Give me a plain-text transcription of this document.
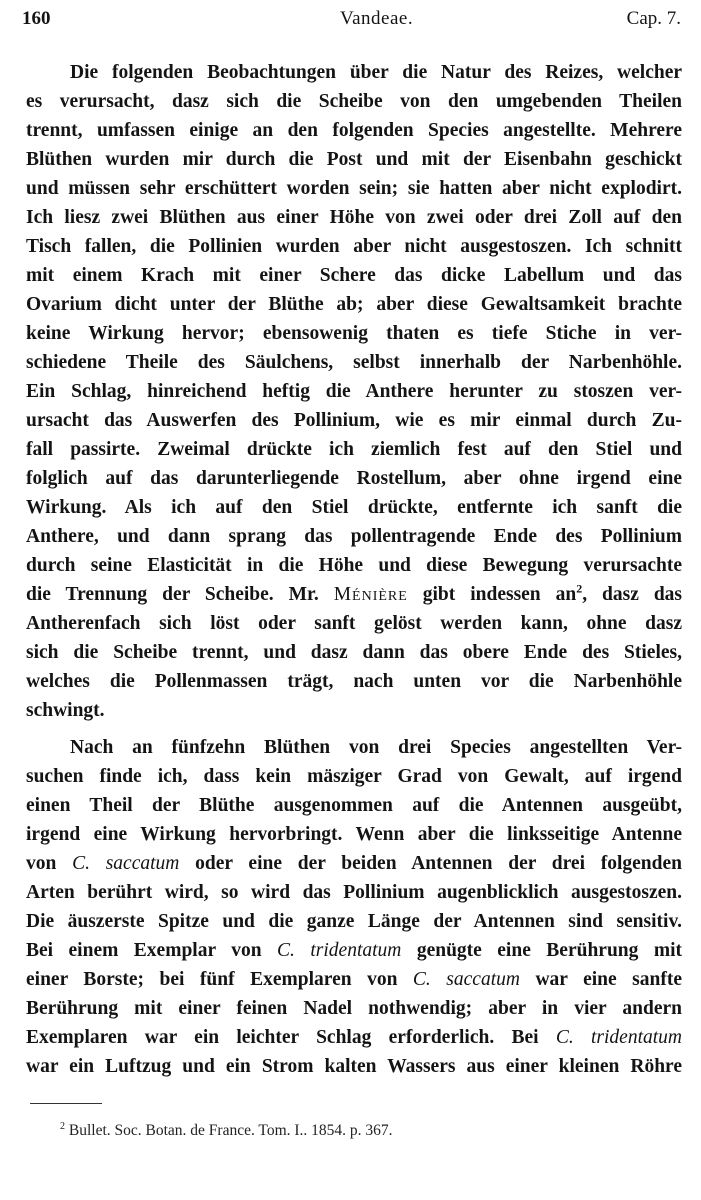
160	Vandeae.	Cap. 7.
Die folgenden Beobachtungen über die Natur des Reizes, welcher
es verursacht, dasz sich die Scheibe von den umgebenden Theilen
trennt, umfassen einige an den folgenden Species angestellte. Mehrere
Blüthen wurden mir durch die Post und mit der Eisenbahn geschickt
und müssen sehr erschüttert worden sein; sie hatten aber nicht explodirt.
Ich liesz zwei Blüthen aus einer Höhe von zwei oder drei Zoll auf den
Tisch fallen, die Pollinien wurden aber nicht ausgestoszen. Ich schnitt
mit einem Krach mit einer Schere das dicke Labellum und das
Ovarium dicht unter der Blüthe ab; aber diese Gewaltsamkeit brachte
keine Wirkung hervor; ebensowenig thaten es tiefe Stiche in ver-
schiedene Theile des Säulchens, selbst innerhalb der Narbenhöhle.
Ein Schlag, hinreichend heftig die Anthere herunter zu stoszen ver-
ursacht das Auswerfen des Pollinium, wie es mir einmal durch Zu-
fall passirte. Zweimal drückte ich ziemlich fest auf den Stiel und
folglich auf das darunterliegende Rostellum, aber ohne irgend eine
Wirkung. Als ich auf den Stiel drückte, entfernte ich sanft die
Anthere, und dann sprang das pollentragende Ende des Pollinium
durch seine Elasticität in die Höhe und diese Bewegung verursachte
die Trennung der Scheibe. Mr. Ménière gibt indessen $an^2$, dasz das
Antherenfach sich löst oder sanft gelöst werden kann, ohne dasz
sich die Scheibe trennt, und dasz dann das obere Ende des Stieles,
welches die Pollenmassen trägt, nach unten vor die Narbenhöhle
schwingt.
Nach an fünfzehn Blüthen von drei Species angestellten Ver-
suchen finde ich, dass kein mäsziger Grad von Gewalt, auf irgend
einen Theil der Blüthe ausgenommen auf die Antennen ausgeübt,
irgend eine Wirkung hervorbringt. Wenn aber die linksseitige Antenne
von C. saccatum oder eine der beiden Antennen der drei folgenden
Arten berührt wird, so wird das Pollinium augenblicklich ausgestoszen.
Die äuszerste Spitze und die ganze Länge der Antennen sind sensitiv.
Bei einem Exemplar von C. tridentatum genügte eine Berührung mit
einer Borste; bei fünf Exemplaren von C. saccatum war eine sanfte
Berührung mit einer feinen Nadel nothwendig; aber in vier andern
Exemplaren war ein leichter Schlag erforderlich. Bei C. tridentatum
war ein Luftzug und ein Strom kalten Wassers aus einer kleinen Röhre
$^2$ Bullet. Soc. Botan. de France. Tom. I.. 1854. p. 367.
